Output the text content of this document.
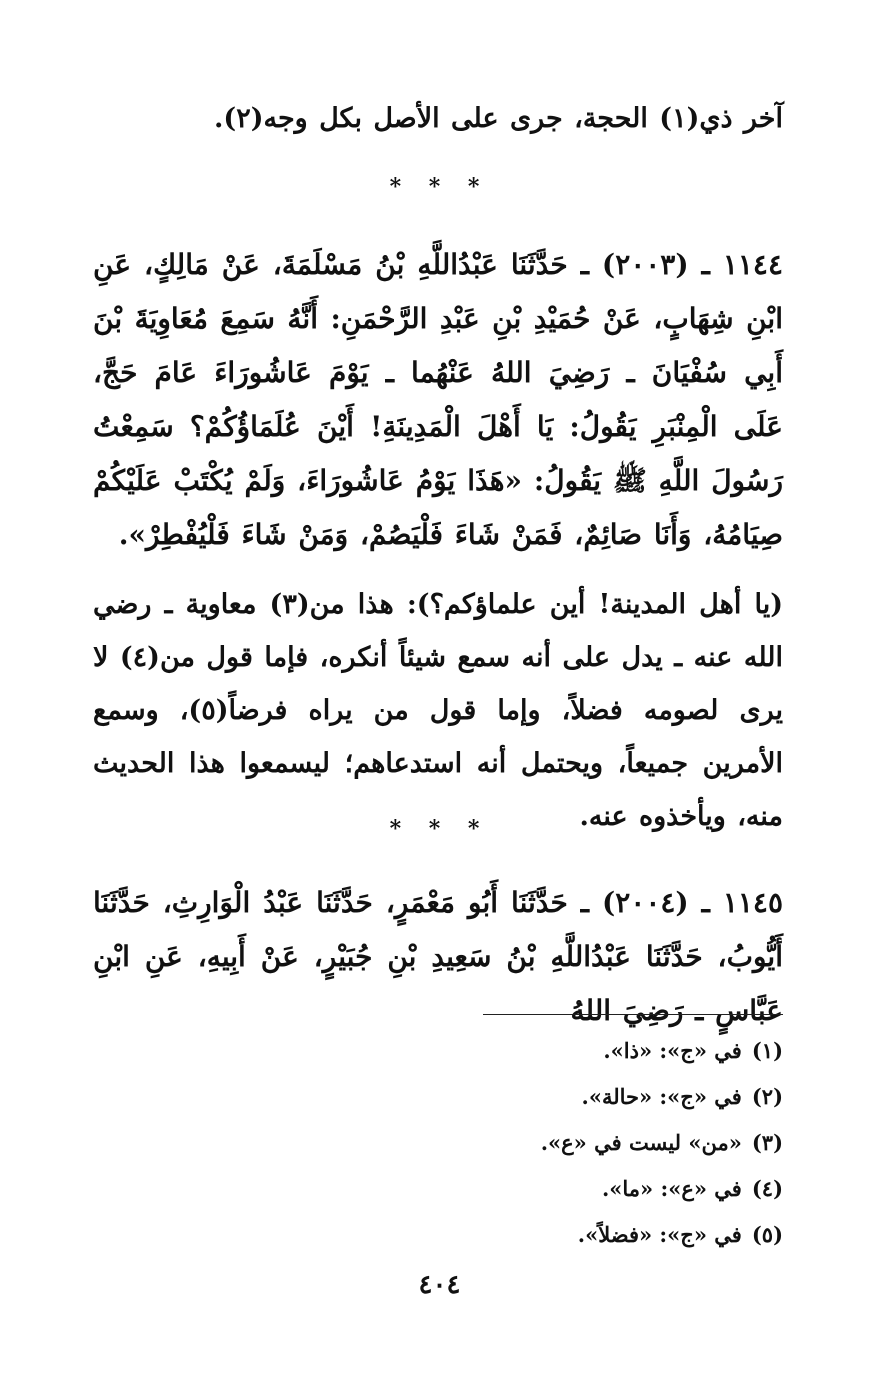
آخر ذي(١) الحجة، جرى على الأصل بكل وجه(٢).
* * *
١١٤٤ ـ (٢٠٠٣) ـ حَدَّثَنَا عَبْدُاللَّهِ بْنُ مَسْلَمَةَ، عَنْ مَالِكٍ، عَنِ ابْنِ شِهَابٍ، عَنْ حُمَيْدِ بْنِ عَبْدِ الرَّحْمَنِ: أَنَّهُ سَمِعَ مُعَاوِيَةَ بْنَ أَبِي سُفْيَانَ ـ رَضِيَ اللهُ عَنْهُما ـ يَوْمَ عَاشُورَاءَ عَامَ حَجَّ، عَلَى الْمِنْبَرِ يَقُولُ: يَا أَهْلَ الْمَدِينَةِ! أَيْنَ عُلَمَاؤُكُمْ؟ سَمِعْتُ رَسُولَ اللَّهِ ﷺ يَقُولُ: «هَذَا يَوْمُ عَاشُورَاءَ، وَلَمْ يُكْتَبْ عَلَيْكُمْ صِيَامُهُ، وَأَنَا صَائِمٌ، فَمَنْ شَاءَ فَلْيَصُمْ، وَمَنْ شَاءَ فَلْيُفْطِرْ».
(يا أهل المدينة! أين علماؤكم؟): هذا من(٣) معاوية ـ رضي الله عنه ـ يدل على أنه سمع شيئاً أنكره، فإما قول من(٤) لا يرى لصومه فضلاً، وإما قول من يراه فرضاً(٥)، وسمع الأمرين جميعاً، ويحتمل أنه استدعاهم؛ ليسمعوا هذا الحديث منه، ويأخذوه عنه.
* * *
١١٤٥ ـ (٢٠٠٤) ـ حَدَّثَنَا أَبُو مَعْمَرٍ، حَدَّثَنَا عَبْدُ الْوَارِثِ، حَدَّثَنَا أَيُّوبُ، حَدَّثَنَا عَبْدُاللَّهِ بْنُ سَعِيدِ بْنِ جُبَيْرٍ، عَنْ أَبِيهِ، عَنِ ابْنِ عَبَّاسٍ ـ رَضِيَ اللهُ
(١)في «ج»: «ذا».
(٢)في «ج»: «حالة».
(٣)«من» ليست في «ع».
(٤)في «ع»: «ما».
(٥)في «ج»: «فضلاً».
٤٠٤
